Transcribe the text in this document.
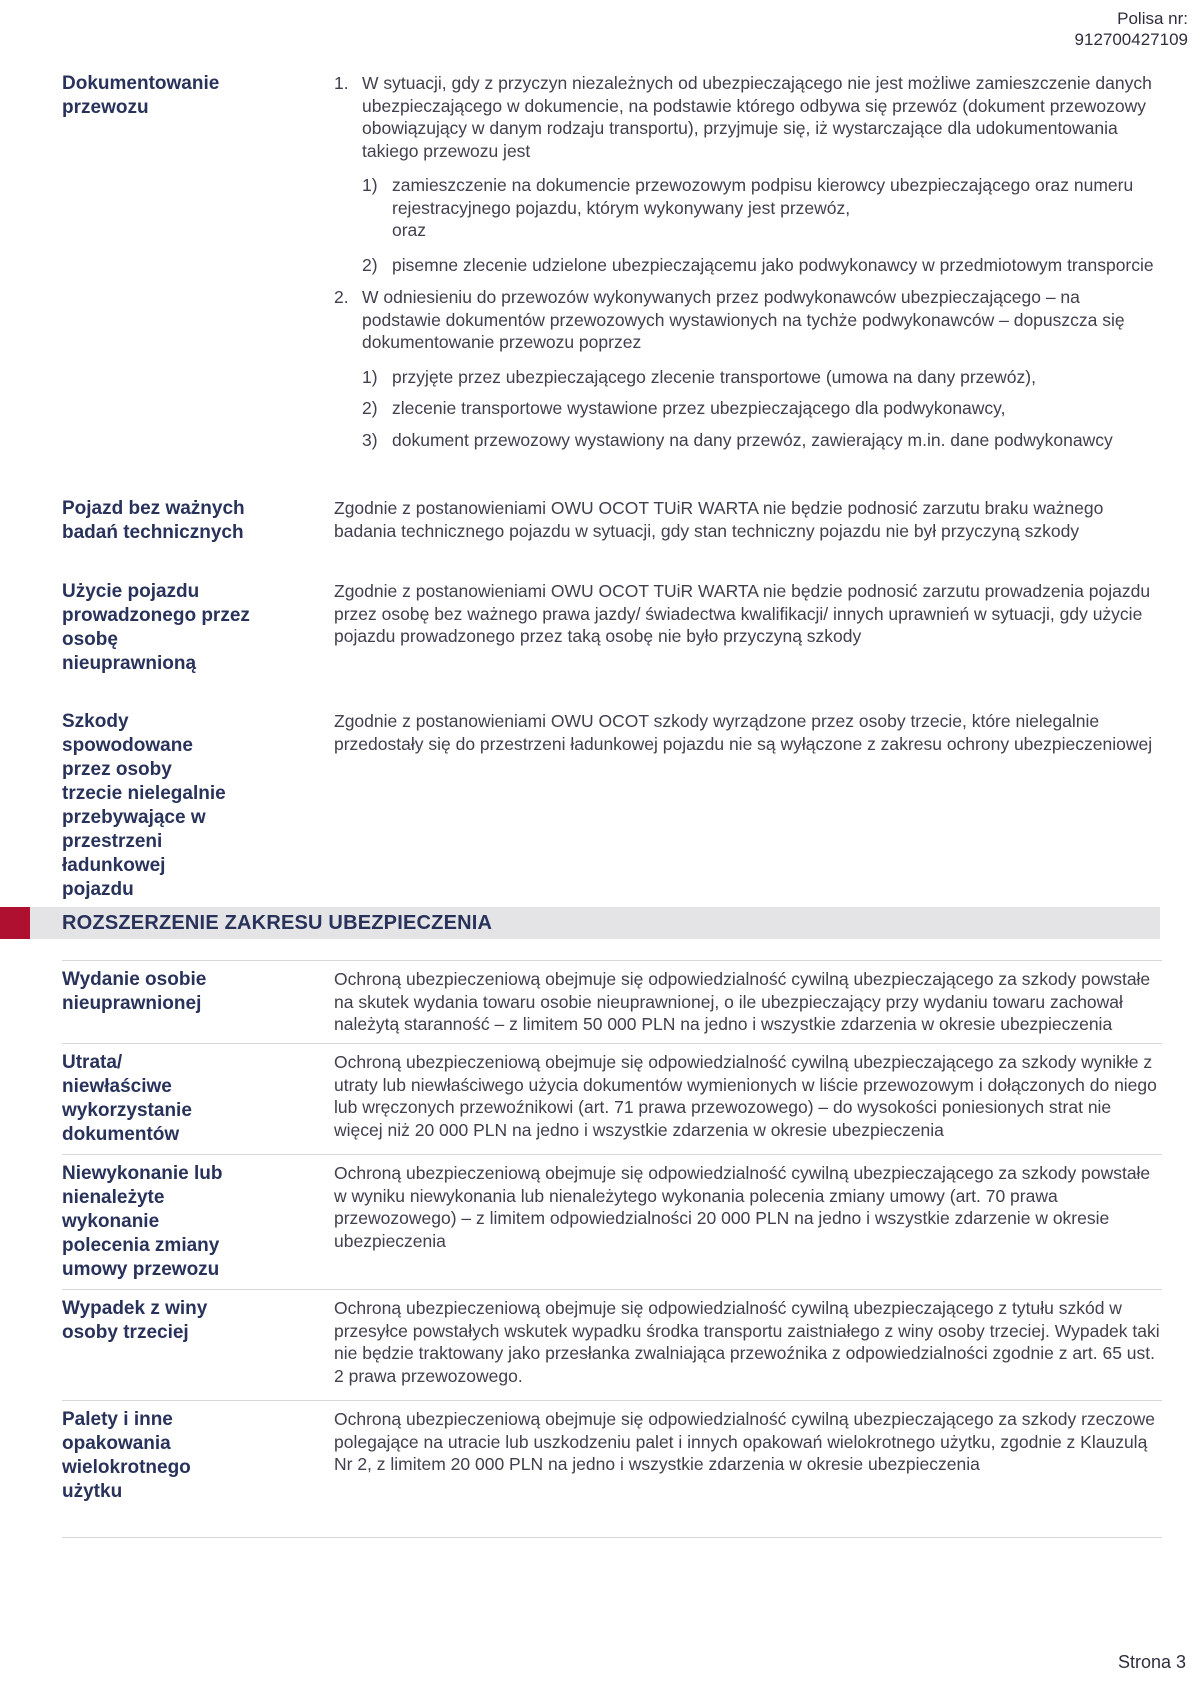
Polisa nr:
912700427109
Dokumentowanie przewozu
1. W sytuacji, gdy z przyczyn niezależnych od ubezpieczającego nie jest możliwe zamieszczenie danych ubezpieczającego w dokumencie, na podstawie którego odbywa się przewóz (dokument przewozowy obowiązujący w danym rodzaju transportu), przyjmuje się, iż wystarczające dla udokumentowania takiego przewozu jest
1) zamieszczenie na dokumencie przewozowym podpisu kierowcy ubezpieczającego oraz numeru rejestracyjnego pojazdu, którym wykonywany jest przewóz,
oraz
2) pisemne zlecenie udzielone ubezpieczającemu jako podwykonawcy w przedmiotowym transporcie
2. W odniesieniu do przewozów wykonywanych przez podwykonawców ubezpieczającego – na podstawie dokumentów przewozowych wystawionych na tychże podwykonawców – dopuszcza się dokumentowanie przewozu poprzez
1) przyjęte przez ubezpieczającego zlecenie transportowe (umowa na dany przewóz),
2) zlecenie transportowe wystawione przez ubezpieczającego dla podwykonawcy,
3) dokument przewozowy wystawiony na dany przewóz, zawierający m.in. dane podwykonawcy
Pojazd bez ważnych badań technicznych
Zgodnie z postanowieniami OWU OCOT TUiR WARTA nie będzie podnosić zarzutu braku ważnego badania technicznego pojazdu w sytuacji, gdy stan techniczny pojazdu nie był przyczyną szkody
Użycie pojazdu prowadzonego przez osobę nieuprawnioną
Zgodnie z postanowieniami OWU OCOT TUiR WARTA nie będzie podnosić zarzutu prowadzenia pojazdu przez osobę bez ważnego prawa jazdy/ świadectwa kwalifikacji/ innych uprawnień w sytuacji, gdy użycie pojazdu prowadzonego przez taką osobę nie było przyczyną szkody
Szkody spowodowane przez osoby trzecie nielegalnie przebywające w przestrzeni ładunkowej pojazdu
Zgodnie z postanowieniami OWU OCOT szkody wyrządzone przez osoby trzecie, które nielegalnie przedostały się do przestrzeni ładunkowej pojazdu nie są wyłączone z zakresu ochrony ubezpieczeniowej
ROZSZERZENIE ZAKRESU UBEZPIECZENIA
Wydanie osobie nieuprawnionej
Ochroną ubezpieczeniową obejmuje się odpowiedzialność cywilną ubezpieczającego za szkody powstałe na skutek wydania towaru osobie nieuprawnionej, o ile ubezpieczający przy wydaniu towaru zachował należytą staranność – z limitem 50 000 PLN na jedno i wszystkie zdarzenia w okresie ubezpieczenia
Utrata/ niewłaściwe wykorzystanie dokumentów
Ochroną ubezpieczeniową obejmuje się odpowiedzialność cywilną ubezpieczającego za szkody wynikłe z utraty lub niewłaściwego użycia dokumentów wymienionych w liście przewozowym i dołączonych do niego lub wręczonych przewoźnikowi (art. 71 prawa przewozowego) – do wysokości poniesionych strat nie więcej niż 20 000 PLN na jedno i wszystkie zdarzenia w okresie ubezpieczenia
Niewykonanie lub nienależyte wykonanie polecenia zmiany umowy przewozu
Ochroną ubezpieczeniową obejmuje się odpowiedzialność cywilną ubezpieczającego za szkody powstałe w wyniku niewykonania lub nienależytego wykonania polecenia zmiany umowy (art. 70 prawa przewozowego) – z limitem odpowiedzialności 20 000 PLN na jedno i wszystkie zdarzenie w okresie ubezpieczenia
Wypadek z winy osoby trzeciej
Ochroną ubezpieczeniową obejmuje się odpowiedzialność cywilną ubezpieczającego z tytułu szkód w przesyłce powstałych wskutek wypadku środka transportu zaistniałego z winy osoby trzeciej. Wypadek taki nie będzie traktowany jako przesłanka zwalniająca przewoźnika z odpowiedzialności zgodnie z art. 65 ust. 2 prawa przewozowego.
Palety i inne opakowania wielokrotnego użytku
Ochroną ubezpieczeniową obejmuje się odpowiedzialność cywilną ubezpieczającego za szkody rzeczowe polegające na utracie lub uszkodzeniu palet i innych opakowań wielokrotnego użytku, zgodnie z Klauzulą Nr 2, z limitem 20 000 PLN na jedno i wszystkie zdarzenia w okresie ubezpieczenia
Strona 3
